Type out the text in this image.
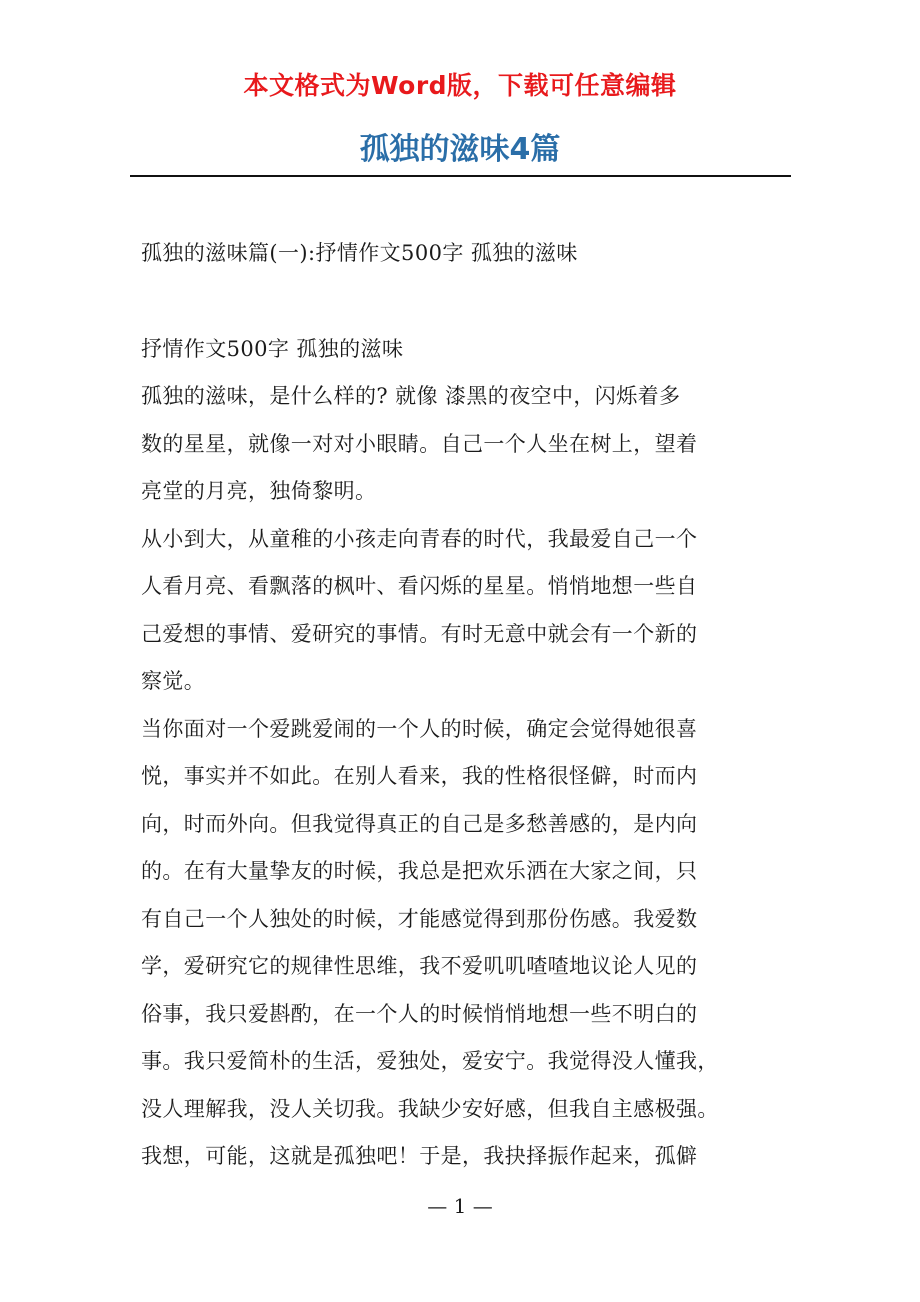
本文格式为Word版，下载可任意编辑
孤独的滋味4篇
孤独的滋味篇(一):抒情作文500字 孤独的滋味
抒情作文500字 孤独的滋味
孤独的滋味，是什么样的? 就像 漆黑的夜空中，闪烁着多
数的星星，就像一对对小眼睛。自己一个人坐在树上，望着
亮堂的月亮，独倚黎明。
从小到大，从童稚的小孩走向青春的时代，我最爱自己一个
人看月亮、看飘落的枫叶、看闪烁的星星。悄悄地想一些自
己爱想的事情、爱研究的事情。有时无意中就会有一个新的
察觉。
当你面对一个爱跳爱闹的一个人的时候，确定会觉得她很喜
悦，事实并不如此。在别人看来，我的性格很怪僻，时而内
向，时而外向。但我觉得真正的自己是多愁善感的，是内向
的。在有大量挚友的时候，我总是把欢乐洒在大家之间，只
有自己一个人独处的时候，才能感觉得到那份伤感。我爱数
学，爱研究它的规律性思维，我不爱叽叽喳喳地议论人见的
俗事，我只爱斟酌，在一个人的时候悄悄地想一些不明白的
事。我只爱简朴的生活，爱独处，爱安宁。我觉得没人懂我，
没人理解我，没人关切我。我缺少安好感，但我自主感极强。
我想，可能，这就是孤独吧！于是，我抉择振作起来，孤僻
— 1 —
